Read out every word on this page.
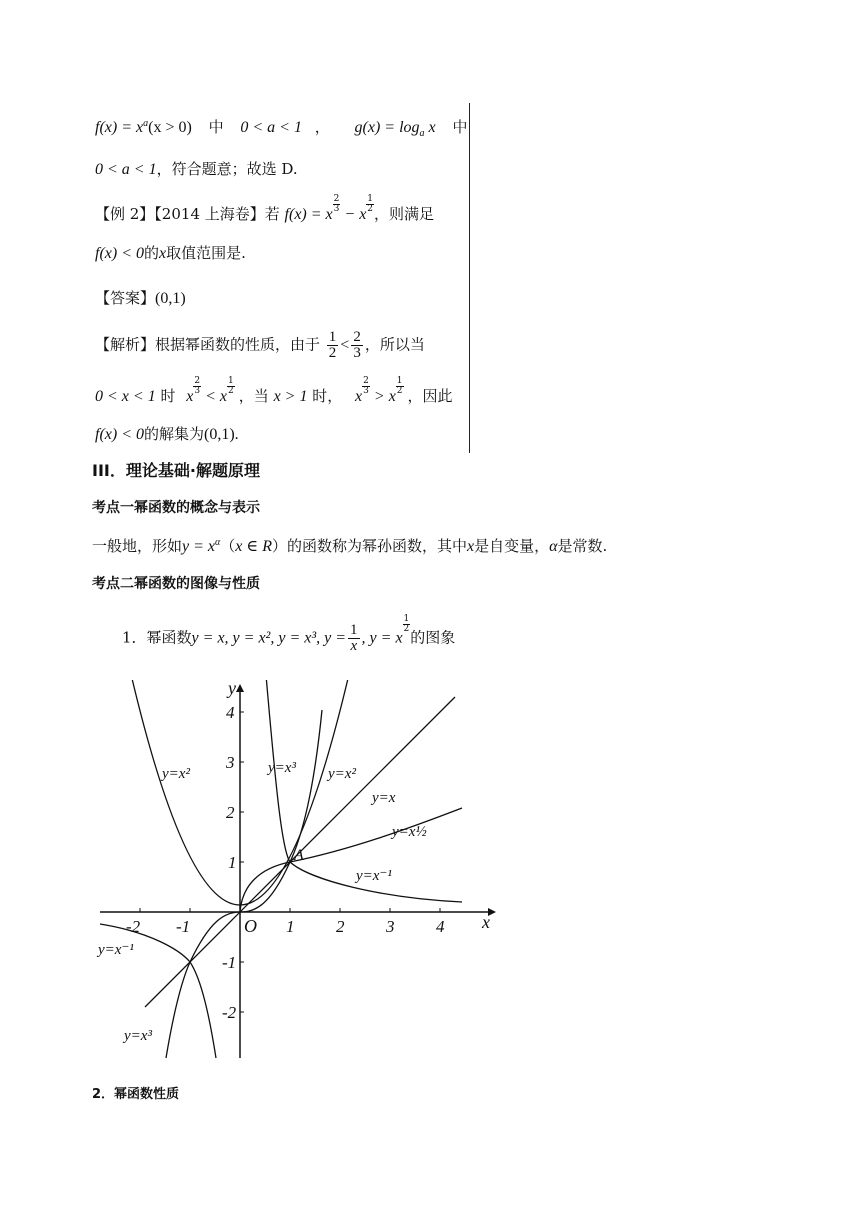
$f(x) = x^a(x > 0)$ 中 0 < a < 1 ， $g(x) = \log_a x$ 中
0 < a < 1，符合题意；故选 D.
【例 2】【2014 上海卷】若 f(x) = x
$\frac{2}{3}$
− x
$\frac{1}{2}$ ，则满足
f(x) < 0的x取值范围是.
【答案】(0,1)
【解析】根据幂函数的性质，由于 $\frac{1}{2} < \frac{2}{3}$ ，所以当
0 < x < 1 时 x
$\frac{2}{3}$
< x
$\frac{1}{2}$ ，当 x > 1 时， x
$\frac{2}{3}$
> x
$\frac{1}{2}$ ，因此
f(x) < 0的解集为(0,1).
III．理论基础·解题原理
考点一幂函数的概念与表示
一般地，形如$y = x^\alpha(x$ ∈ R）的函数称为幂孙函数，其中x是自变量，α是常数.
考点二幂函数的图像与性质
1．幂函数y = x, y = x², y = x³, $y = \frac{1}{x}$ , y = x
$\frac{1}{2}$
的图象
-2 -1	1 2 3 4
4
3
2
1
-1
-2
x
y
O
A
y=x²	y=x³ y=x²
y=x
y=x½
y=x⁻¹
y=x⁻¹
y=x³
2．幂函数性质
